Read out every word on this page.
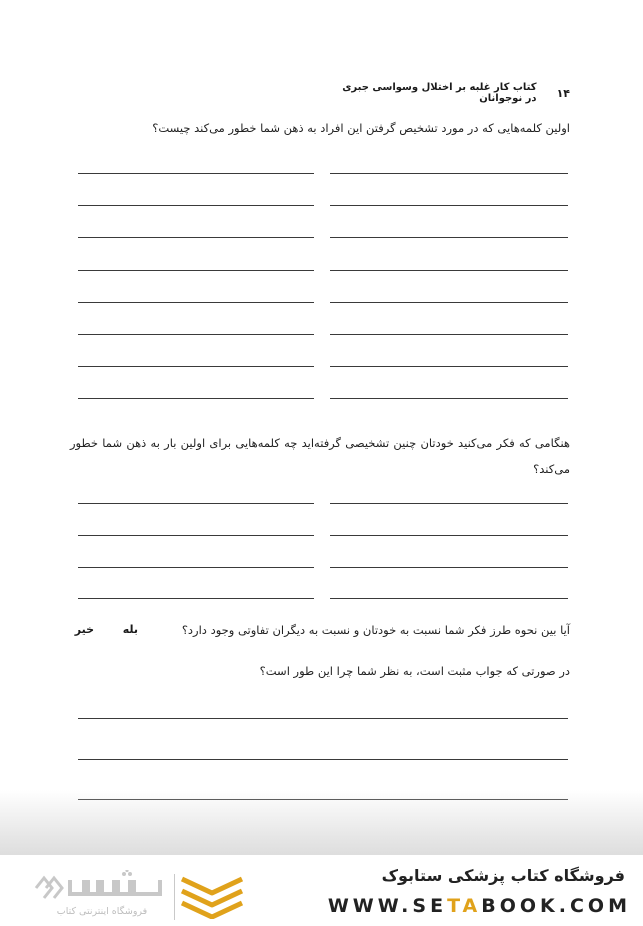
۱۴
کتاب کار غلبه بر اختلال وسواسی جبری در نوجوانان
اولین کلمه‌هایی که در مورد تشخیص گرفتن این افراد به ذهن شما خطور می‌کند چیست؟
هنگامی که فکر می‌کنید خودتان چنین تشخیصی گرفته‌اید چه کلمه‌هایی برای اولین بار به ذهن شما خطور می‌کند؟
آیا بین نحوه طرز فکر شما نسبت به خودتان و نسبت به دیگران تفاوتی وجود دارد؟
بله
خیر
در صورتی که جواب مثبت است، به نظر شما چرا این طور است؟
فروشگاه کتاب پزشکی ستابوک
WWW.SETABOOK.COM
فروشگاه اینترنتی کتاب
